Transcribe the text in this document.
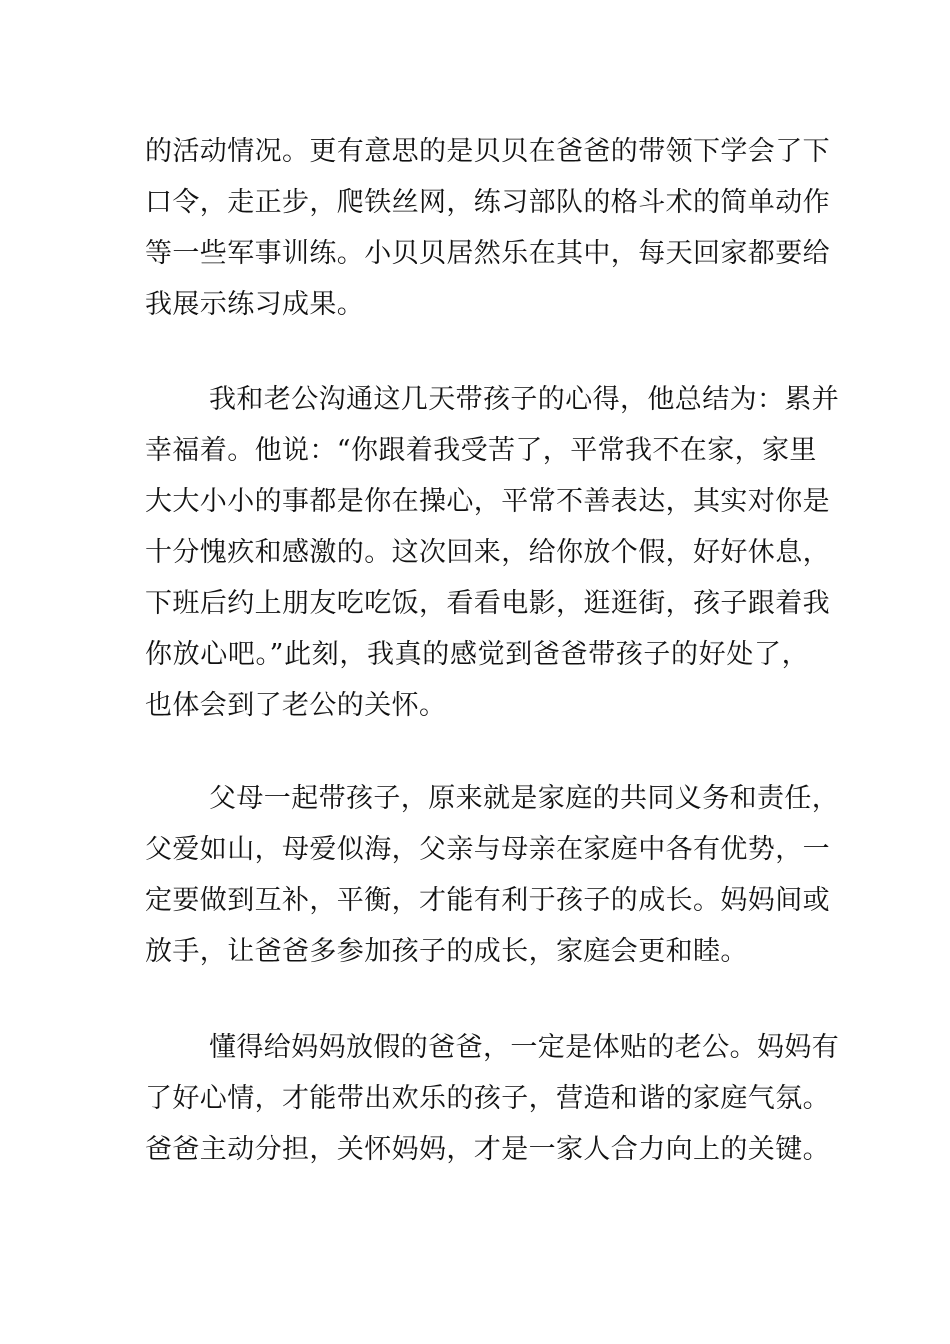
的活动情况。更有意思的是贝贝在爸爸的带领下学会了下
口令，走正步，爬铁丝网，练习部队的格斗术的简单动作
等一些军事训练。小贝贝居然乐在其中，每天回家都要给
我展示练习成果。
我和老公沟通这几天带孩子的心得，他总结为：累并
幸福着。他说：“你跟着我受苦了，平常我不在家，家里
大大小小的事都是你在操心，平常不善表达，其实对你是
十分愧疚和感激的。这次回来，给你放个假，好好休息，
下班后约上朋友吃吃饭，看看电影，逛逛街，孩子跟着我
你放心吧。”此刻，我真的感觉到爸爸带孩子的好处了，
也体会到了老公的关怀。
父母一起带孩子，原来就是家庭的共同义务和责任，
父爱如山，母爱似海，父亲与母亲在家庭中各有优势，一
定要做到互补，平衡，才能有利于孩子的成长。妈妈间或
放手，让爸爸多参加孩子的成长，家庭会更和睦。
懂得给妈妈放假的爸爸，一定是体贴的老公。妈妈有
了好心情，才能带出欢乐的孩子，营造和谐的家庭气氛。
爸爸主动分担，关怀妈妈，才是一家人合力向上的关键。
